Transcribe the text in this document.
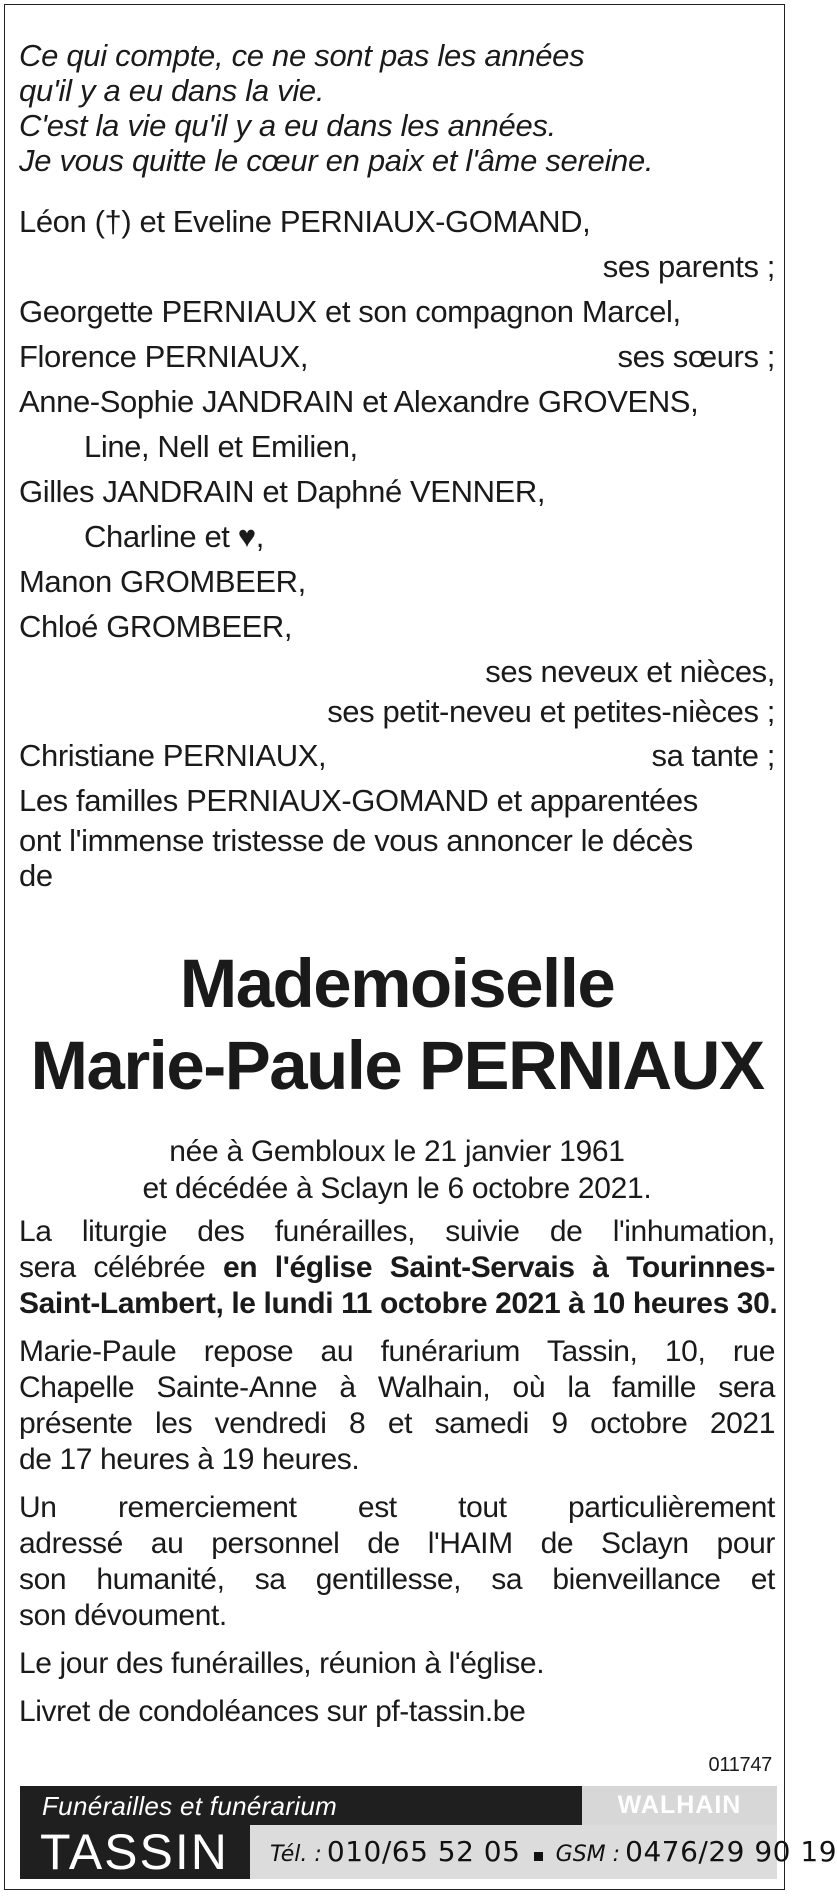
Ce qui compte, ce ne sont pas les années
qu'il y a eu dans la vie.
C'est la vie qu'il y a eu dans les années.
Je vous quitte le cœur en paix et l'âme sereine.

Léon (†) et Eveline PERNIAUX-GOMAND,
ses parents ;
Georgette PERNIAUX et son compagnon Marcel,
Florence PERNIAUX,	ses sœurs ;
Anne-Sophie JANDRAIN et Alexandre GROVENS,
Line, Nell et Emilien,
Gilles JANDRAIN et Daphné VENNER,
Charline et ♥,
Manon GROMBEER,
Chloé GROMBEER,
ses neveux et nièces,
ses petit-neveu et petites-nièces ;
Christiane PERNIAUX,	sa tante ;
Les familles PERNIAUX-GOMAND et apparentées
ont l'immense tristesse de vous annoncer le décès
de
Mademoiselle
Marie-Paule PERNIAUX
née à Gembloux le 21 janvier 1961
et décédée à Sclayn le 6 octobre 2021.
La liturgie des funérailles, suivie de l'inhumation,
sera célébrée en l'église Saint-Servais à Tourinnes-
Saint-Lambert, le lundi 11 octobre 2021 à 10 heures 30.
Marie-Paule repose au funérarium Tassin, 10, rue
Chapelle Sainte-Anne à Walhain, où la famille sera
présente les vendredi 8 et samedi 9 octobre 2021
de 17 heures à 19 heures.
Un remerciement est tout particulièrement
adressé au personnel de l'HAIM de Sclayn pour
son humanité, sa gentillesse, sa bienveillance et
son dévoument.
Le jour des funérailles, réunion à l'église.
Livret de condoléances sur pf-tassin.be
011747
Funérailles et funérarium	WALHAIN
TASSIN	Tél. : 010/65 52 05 GSM : 0476/29 90 19
